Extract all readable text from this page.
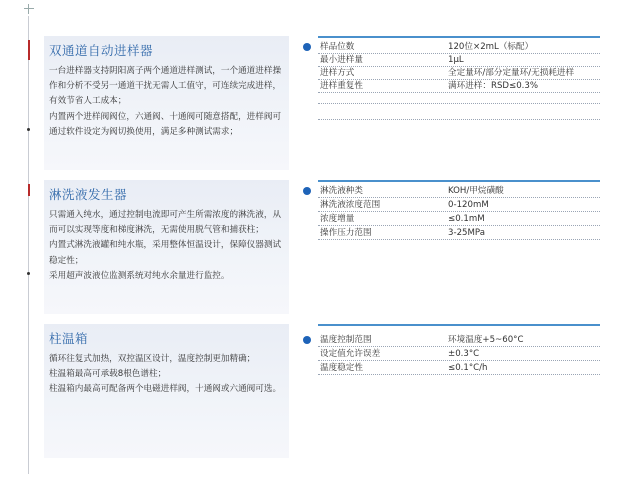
双通道自动进样器

一台进样器支持阴阳离子两个通道进样测试，一个通道进样操作和分析不受另一通道干扰无需人工值守，可连续完成进样，有效节省人工成本；

内置两个进样阀阀位，六通阀、十通阀可随意搭配，进样阀可通过软件设定为阀切换使用，满足多种测试需求；

样品位数	120位×2mL（标配）
最小进样量	1μL
进样方式	全定量环/部分定量环/无损耗进样
进样重复性	满环进样：RSD≤0.3%
淋洗液发生器

只需通入纯水，通过控制电流即可产生所需浓度的淋洗液，从而可以实现等度和梯度淋洗，无需使用脱气管和捕获柱；

内置式淋洗液罐和纯水瓶，采用整体恒温设计，保障仪器测试稳定性；

采用超声波液位监测系统对纯水余量进行监控。

淋洗液种类	KOH/甲烷磺酸
淋洗液浓度范围	0-120mM
浓度增量	≤0.1mM
操作压力范围	3-25MPa
柱温箱

循环往复式加热，双控温区设计，温度控制更加精确；

柱温箱最高可承载8根色谱柱；

柱温箱内最高可配备两个电磁进样阀，十通阀或六通阀可选。

温度控制范围	环境温度+5~60°C
设定值允许误差	±0.3°C
温度稳定性	≤0.1°C/h
